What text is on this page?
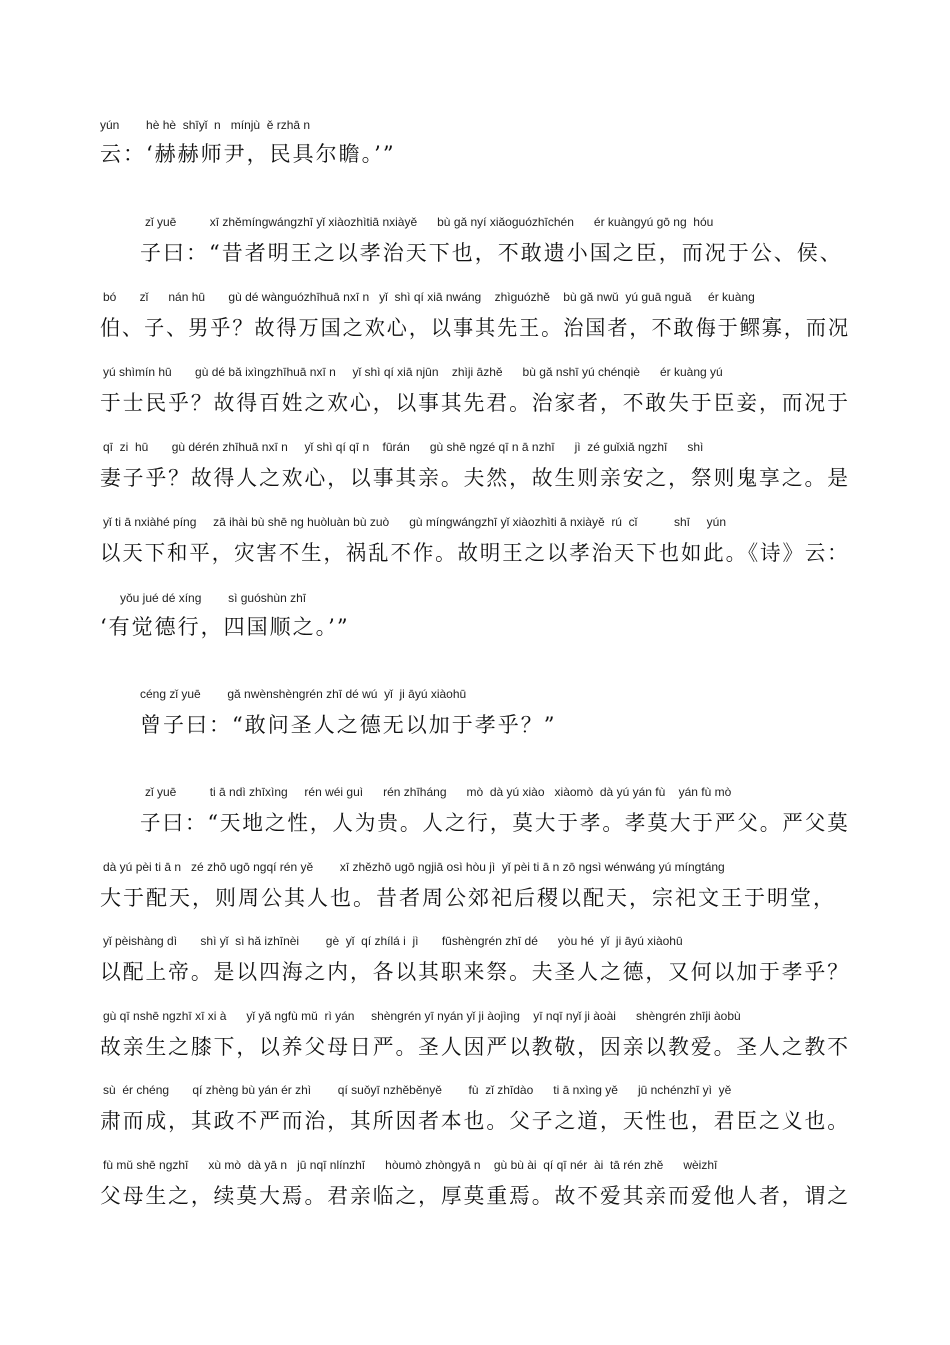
yún        hè hè  shīyǐ  n   mínjù  ě rzhā n
云：‘赫赫师尹，民具尔瞻。’”
zǐ yuē          xī zhěmíngwángzhī yǐ xiàozhìtiā nxiàyě      bù gǎ nyí xiǎoguózhīchén      ér kuàngyú gō ng  hóu
子曰：“昔者明王之以孝治天下也，不敢遗小国之臣，而况于公、侯、
bó       zǐ      nán hū       gù dé wànguózhīhuā nxī n   yǐ  shì qí xiā nwáng    zhìguózhě    bù gǎ nwǔ  yú guā nguǎ     ér kuàng
伯、子、男乎？故得万国之欢心，以事其先王。治国者，不敢侮于鳏寡，而况
yú shìmín hū       gù dé bǎ ixìngzhīhuā nxī n     yǐ shì qí xiā njūn    zhìji āzhě      bù gǎ nshī yú chénqiè      ér kuàng yú
于士民乎？故得百姓之欢心，以事其先君。治家者，不敢失于臣妾，而况于
qī  zi  hū       gù dérén zhīhuā nxī n     yǐ shì qí qī n    fūrán      gù shē ngzé qī n ā nzhī      jì  zé guǐxiǎ ngzhī      shì
妻子乎？故得人之欢心，以事其亲。夫然，故生则亲安之，祭则鬼享之。是
yǐ ti ā nxiàhé píng     zā ihài bù shē ng huòluàn bù zuò      gù míngwángzhī yǐ xiàozhìti ā nxiàyě  rú  cǐ           shī     yún
以天下和平，灾害不生，祸乱不作。故明王之以孝治天下也如此。《诗》云：
yǒu jué dé xíng        sì guóshùn zhī
‘有觉德行，四国顺之。’”
céng zǐ yuē        gǎ nwènshèngrén zhī dé wú  yǐ  ji āyú xiàohū
曾子曰：“敢问圣人之德无以加于孝乎？”
zǐ yuē          ti ā ndì zhīxìng     rén wéi guì      rén zhīháng      mò  dà yú xiào   xiàomò  dà yú yán fù    yán fù mò
子曰：“天地之性，人为贵。人之行，莫大于孝。孝莫大于严父。严父莫
dà yú pèi ti ā n   zé zhō ugō ngqí rén yě        xī zhězhō ugō ngjiā osì hòu jì  yǐ pèi ti ā n zō ngsì wénwáng yú míngtáng
大于配天，则周公其人也。昔者周公郊祀后稷以配天，宗祀文王于明堂，
yǐ pèishàng dì       shì yǐ  sì hǎ izhīnèi        gè  yǐ  qí zhílá i  jì       fūshèngrén zhī dé      yòu hé  yǐ  ji āyú xiàohū
以配上帝。是以四海之内，各以其职来祭。夫圣人之德，又何以加于孝乎？
gù qī nshē ngzhī xī xi à      yǐ yǎ ngfù mǔ  rì yán     shèngrén yī nyán yǐ ji àojìng    yī nqī nyǐ ji àoài      shèngrén zhīji àobù
故亲生之膝下，以养父母日严。圣人因严以教敬，因亲以教爱。圣人之教不
sù  ér chéng       qí zhèng bù yán ér zhì        qí suǒyī nzhěběnyě        fù  zǐ zhīdào      ti ā nxìng yě      jū nchénzhī yì  yě
肃而成，其政不严而治，其所因者本也。父子之道，天性也，君臣之义也。
fù mǔ shē ngzhī      xù mò  dà yā n   jū nqī nlínzhī      hòumò zhòngyā n    gù bù ài  qí qī nér  ài  tā rén zhě      wèizhī
父母生之，续莫大焉。君亲临之，厚莫重焉。故不爱其亲而爱他人者，谓之
